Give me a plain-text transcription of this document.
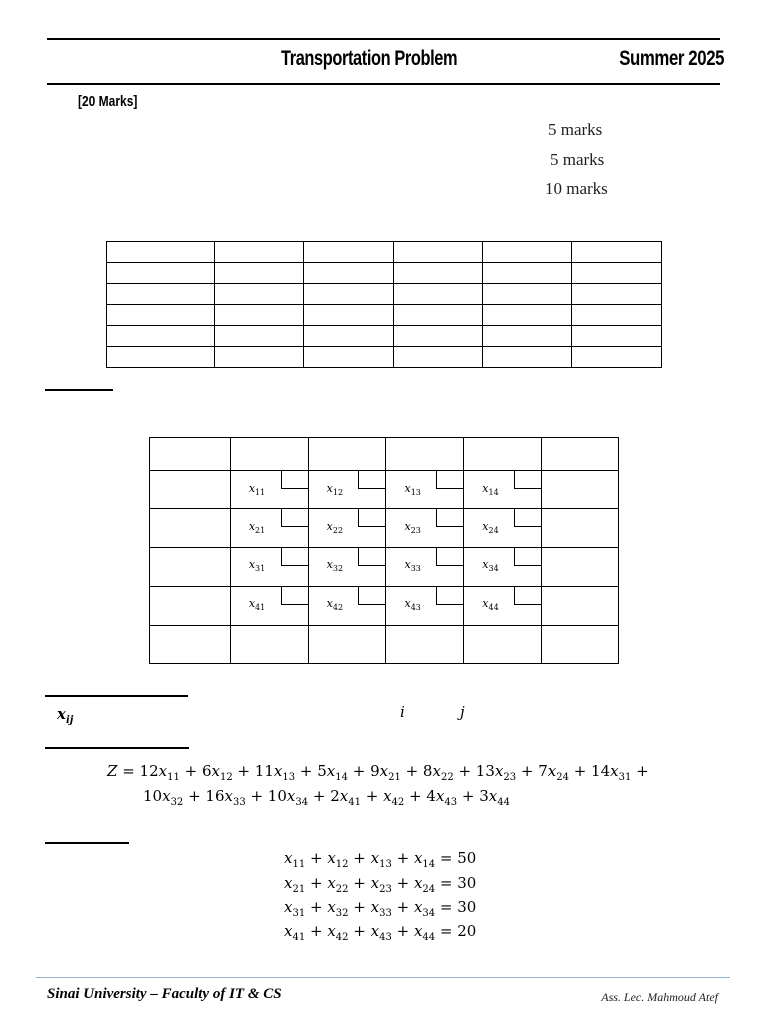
Transportation Problem	Summer 2025
[20 Marks]
5 marks
5 marks
10 marks

	$x_{11}$	$x_{12}$	$x_{13}$	$x_{14}$

	$x_{21}$	$x_{22}$	$x_{23}$	$x_{24}$

	$x_{31}$	$x_{32}$	$x_{33}$	$x_{34}$

	$x_{41}$	$x_{42}$	$x_{43}$	$x_{44}$

$x_{ij}$	i	j
$Z = 12x_{11} + 6x_{12} + 11x_{13} + 5x_{14} + 9x_{21} + 8x_{22} + 13x_{23} + 7x_{24} + 14x_{31}$ +
$10x_{32} + 16x_{33} + 10x_{34} + 2x_{41} + x_{42} + 4x_{43} + 3x_{44}$
$x_{11} + x_{12} + x_{13} + x_{14} = 50$
$x_{21} + x_{22} + x_{23} + x_{24} = 30$
$x_{31} + x_{32} + x_{33} + x_{34} = 30$
$x_{41} + x_{42} + x_{43} + x_{44} = 20$
Sinai University – Faculty of IT & CS	Ass. Lec. Mahmoud Atef
